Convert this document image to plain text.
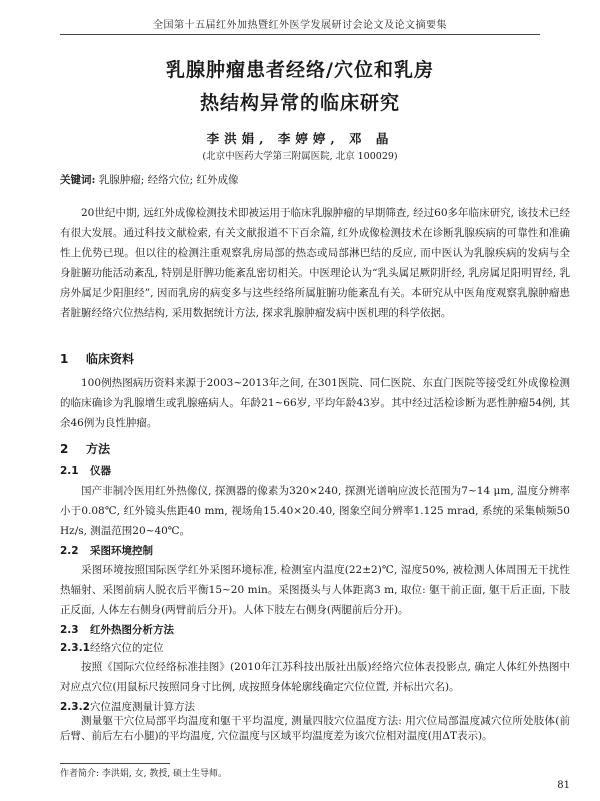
全国第十五届红外加热暨红外医学发展研讨会论文及论文摘要集
乳腺肿瘤患者经络/穴位和乳房
热结构异常的临床研究
李洪娟, 李婷婷, 邓 晶
(北京中医药大学第三附属医院, 北京 100029)
关键词: 乳腺肿瘤; 经络穴位; 红外成像

20世纪中期, 远红外成像检测技术即被运用于临床乳腺肿瘤的早期筛查, 经过60多年临床研究, 该技术已经有很大发展。通过科技文献检索, 有关文献报道不下百余篇, 红外成像检测技术在诊断乳腺疾病的可靠性和准确性上优势已现。但以往的检测注重观察乳房局部的热态或局部淋巴结的反应, 而中医认为乳腺疾病的发病与全身脏腑功能活动紊乱, 特别是肝脾功能紊乱密切相关。中医理论认为“乳头属足厥阴肝经, 乳房属足阳明胃经, 乳房外属足少阳胆经”, 因而乳房的病变多与这些经络所属脏腑功能紊乱有关。本研究从中医角度观察乳腺肿瘤患者脏腑经络穴位热结构, 采用数据统计方法, 探求乳腺肿瘤发病中医机理的科学依据。

1 临床资料

100例热图病历资料来源于2003~2013年之间, 在301医院、同仁医院、东直门医院等接受红外成像检测的临床确诊为乳腺增生或乳腺癌病人。年龄21~66岁, 平均年龄43岁。其中经过活检诊断为恶性肿瘤54例, 其余46例为良性肿瘤。

2 方法
2.1 仪器

国产非制冷医用红外热像仪, 探测器的像素为320×240, 探测光谱响应波长范围为7~14 μm, 温度分辨率小于0.08℃, 红外镜头焦距40 mm, 视场角15.40×20.40, 图象空间分辨率1.125 mrad, 系统的采集帧频50 Hz/s, 测温范围20~40℃。

2.2 采图环境控制

采图环境按照国际医学红外采图环境标准, 检测室内温度(22±2)℃, 湿度50%, 被检测人体周围无干扰性热辐射、采图前病人脱衣后平衡15~20 min。采图摄头与人体距离3 m, 取位: 躯干前正面, 躯干后正面, 下肢正反面, 人体左右侧身(两臂前后分开)。人体下肢左右侧身(两腿前后分开)。

2.3 红外热图分析方法
2.3.1经络穴位的定位

按照《国际穴位经络标准挂图》(2010年江苏科技出版社出版)经络穴位体表投影点, 确定人体红外热图中对应点穴位(用鼠标尺按照同身寸比例, 成按照身体轮廓线确定穴位位置, 并标出穴名)。

2.3.2穴位温度测量计算方法

测量躯干穴位局部平均温度和躯干平均温度, 测量四肢穴位温度方法: 用穴位局部温度减穴位所处肢体(前后臂、前后左右小腿)的平均温度, 穴位温度与区域平均温度差为该穴位相对温度(用ΔT表示)。

作者简介: 李洪娟, 女, 教授, 硕士生导师。
81
